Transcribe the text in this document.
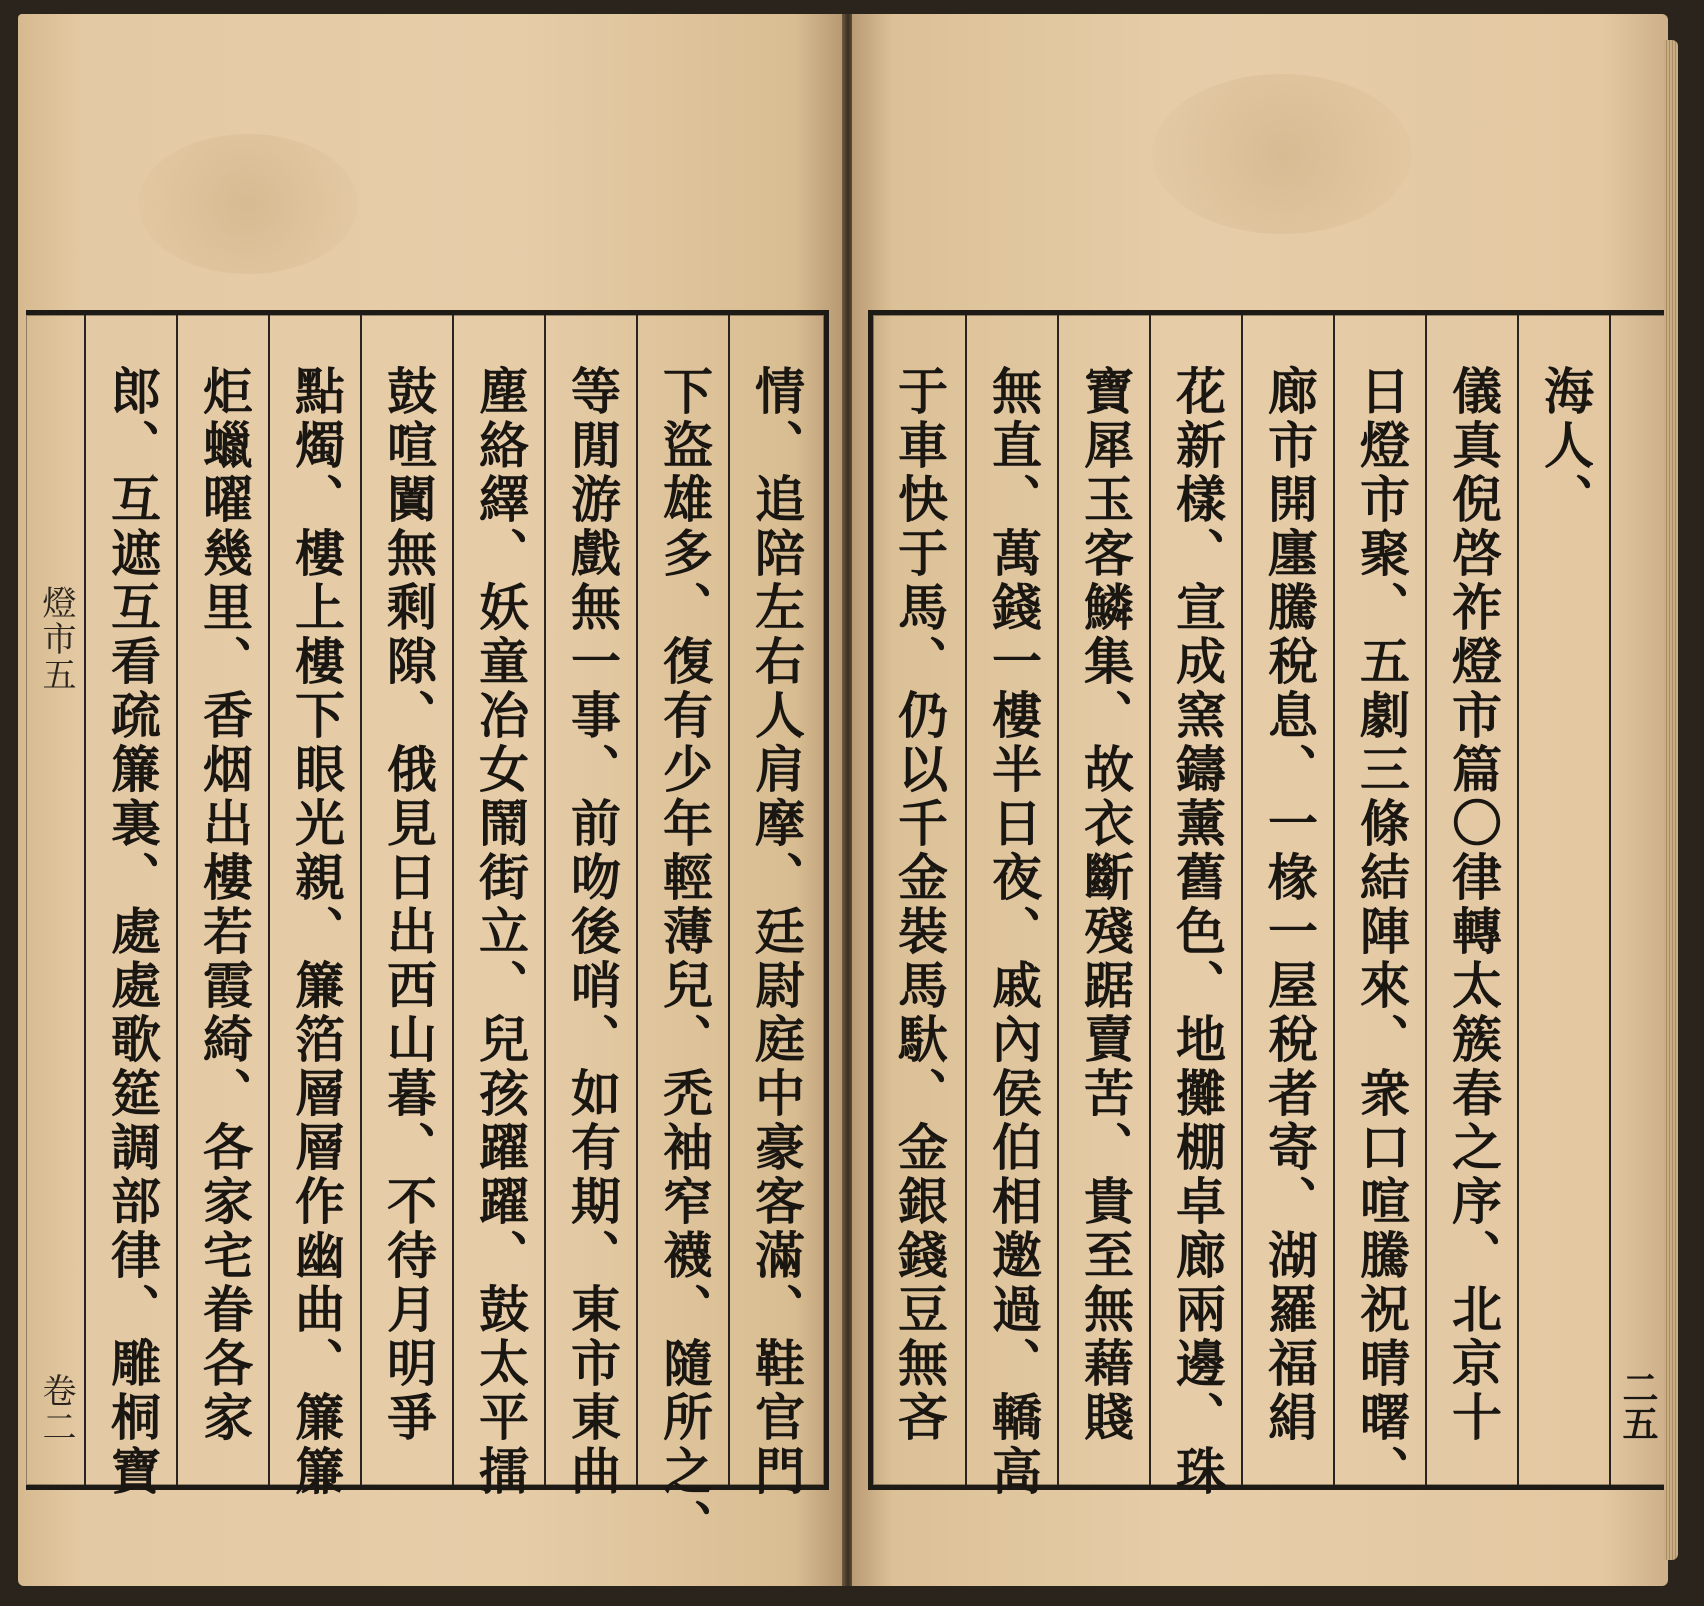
燈市五
卷二 郎、互遮互看疏簾裏、處處歌筵調部律、雕桐寶 炬蠟曜幾里、香烟出樓若霞綺、各家宅眷各家 點燭、樓上樓下眼光親、簾箔層層作幽曲、簾簾 鼓喧闐無剩隙、俄見日出西山暮、不待月明爭 塵絡繹、妖童冶女鬧街立、兒孩躍躍、鼓太平擂 等閒游戲無一事、前吻後哨、如有期、東市東曲 下盜雄多、復有少年輕薄兒、禿袖窄襪、隨所之、 情、追陪左右人肩摩、廷尉庭中豪客滿、鞋官門	于車快于馬、仍以千金裝馬馱、金銀錢豆無吝 無直、萬錢一樓半日夜、戚內侯伯相邀過、轎高 寶犀玉客鱗集、故衣斷殘踞賣苦、貴至無藉賤 花新樣、宣成窯鑄薰舊色、地攤棚卓廊兩邊、珠 廊市開廛騰稅息、一椽一屋稅者寄、湖羅福絹 日燈市聚、五劇三條結陣來、衆口喧騰祝晴曙、 儀真倪啓祚燈市篇〇律轉太簇春之序、北京十 海人、
二五
